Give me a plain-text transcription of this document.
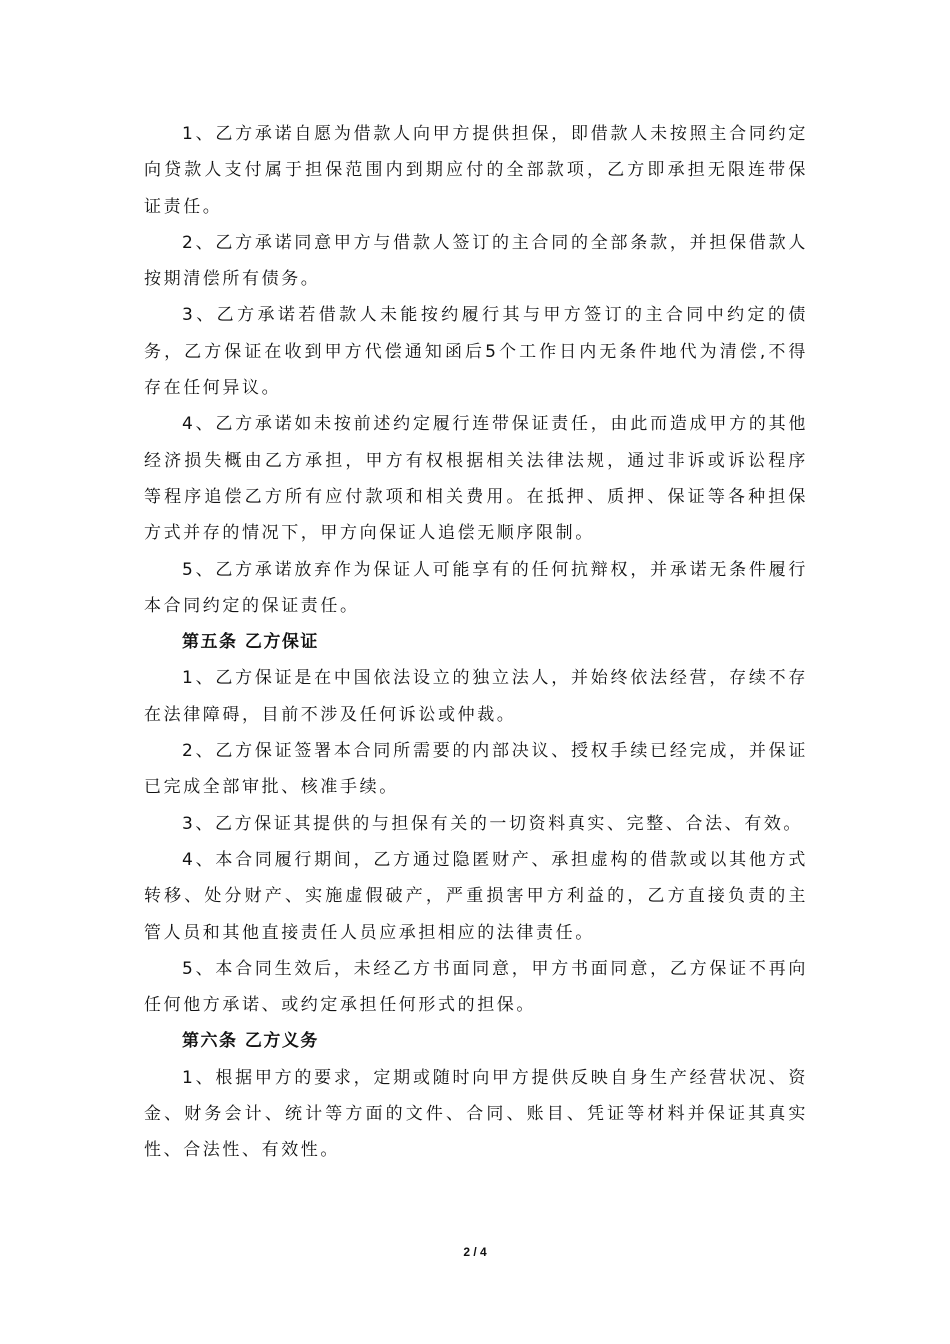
1、乙方承诺自愿为借款人向甲方提供担保，即借款人未按照主合同约定向贷款人支付属于担保范围内到期应付的全部款项，乙方即承担无限连带保证责任。

2、乙方承诺同意甲方与借款人签订的主合同的全部条款，并担保借款人按期清偿所有债务。

3、乙方承诺若借款人未能按约履行其与甲方签订的主合同中约定的债务，乙方保证在收到甲方代偿通知函后5个工作日内无条件地代为清偿,不得存在任何异议。

4、乙方承诺如未按前述约定履行连带保证责任，由此而造成甲方的其他经济损失概由乙方承担，甲方有权根据相关法律法规，通过非诉或诉讼程序等程序追偿乙方所有应付款项和相关费用。在抵押、质押、保证等各种担保方式并存的情况下，甲方向保证人追偿无顺序限制。

5、乙方承诺放弃作为保证人可能享有的任何抗辩权，并承诺无条件履行本合同约定的保证责任。

第五条 乙方保证

1、乙方保证是在中国依法设立的独立法人，并始终依法经营，存续不存在法律障碍，目前不涉及任何诉讼或仲裁。

2、乙方保证签署本合同所需要的内部决议、授权手续已经完成，并保证已完成全部审批、核准手续。

3、乙方保证其提供的与担保有关的一切资料真实、完整、合法、有效。

4、本合同履行期间，乙方通过隐匿财产、承担虚构的借款或以其他方式转移、处分财产、实施虚假破产，严重损害甲方利益的，乙方直接负责的主管人员和其他直接责任人员应承担相应的法律责任。

5、本合同生效后，未经乙方书面同意，甲方书面同意，乙方保证不再向任何他方承诺、或约定承担任何形式的担保。

第六条 乙方义务

1、根据甲方的要求，定期或随时向甲方提供反映自身生产经营状况、资金、财务会计、统计等方面的文件、合同、账目、凭证等材料并保证其真实性、合法性、有效性。

2 / 4
